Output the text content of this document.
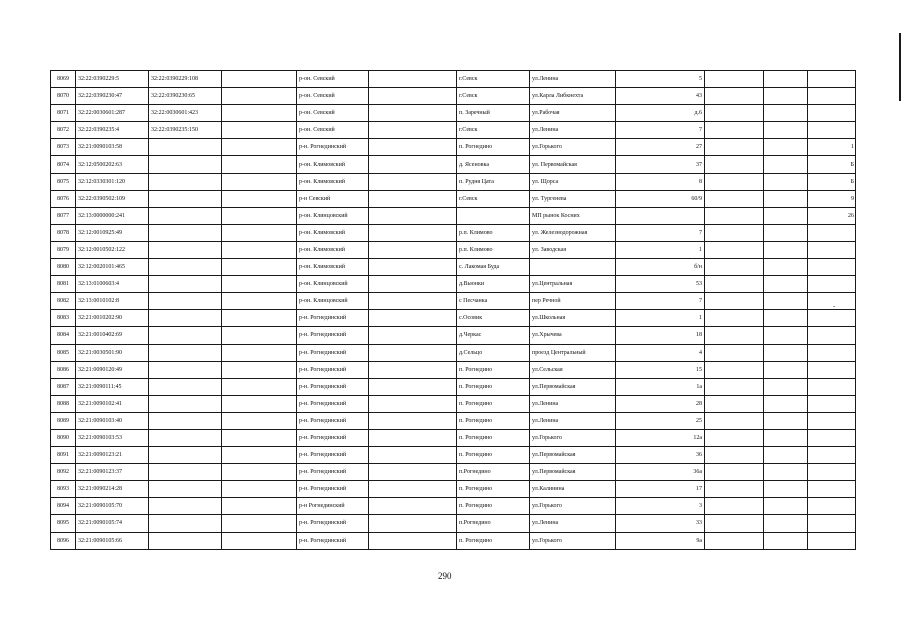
8069	32:22:0390229:5	32:22:0390229:108		р-он. Севский		г.Севск	ул.Ленина	5			
8070	32:22:0390230:47	32:22:0390230:65		р-он. Севский		г.Севск	ул.Карла Либкнехта	43			
8071	32:22:0030601:287	32:22:0030601:423		р-он. Севский		п. Заречный	ул.Рабочая	д.6			
8072	32:22:0390235:4	32:22:0390235:150		р-он. Севский		г.Севск	ул.Ленина	7			
8073	32:21:0090103:58			р-н. Рогнединский		п. Рогнедино	ул.Горького	27			1
8074	32:12:0500202:63			р-он. Климовский		д. Ясеновка	ул. Первомайская	37			Б
8075	32:12:0330301:120			р-он. Климовский		п. Рудня Цата	ул. Щорса	8			Б
8076	32:22:0390502:109			р-н Севский		г.Севск	ул. Тургенева	60/9			9
8077	32:13:0000000:241			р-он. Клинцовский			МП рынок Косних				26
8078	32:12:0010925:49			р-он. Климовский		р.п. Климово	ул. Железнодорожная	7			
8079	32:12:0010502:122			р-он. Климовский		р.п. Климово	ул. Заводская	1			
8080	32:12:0020101:465			р-он. Климовский		с. Лакомая Буда		б/н			
8081	32:13:0100603:4			р-он. Клинцовский		д.Вьюнки	ул.Центральная	53			
8082	32:13:0010102:8			р-он. Клинцовский		с Песчанка	пер Речной	7			
8083	32:21:0010202:90			р-н. Рогнединский		с.Осовик	ул.Школьная	1			
8084	32:21:0010402:69			р-н. Рогнединский		д.Черкас	ул.Хрычева	18			
8085	32:21:0030501:90			р-н. Рогнединский		д.Сельцо	проезд Центральный	4			
8086	32:21:0090120:49			р-н. Рогнединский		п. Рогнедино	ул.Сельская	15			
8087	32:21:0090111:45			р-н. Рогнединский		п. Рогнедино	ул.Первомайская	1а			
8088	32:21:0090102:41			р-н. Рогнединский		п. Рогнедино	ул.Ленина	28			
8089	32:21:0090103:40			р-н. Рогнединский		п. Рогнедино	ул.Ленина	25			
8090	32:21:0090103:53			р-н. Рогнединский		п. Рогнедино	ул.Горького	12а			
8091	32:21:0090123:21			р-н. Рогнединский		п. Рогнедино	ул.Первомайская	36			
8092	32:21:0090123:37			р-н. Рогнединский		п.Рогнедино	ул.Первомайская	36а			
8093	32:21:0090214:28			р-н. Рогнединский		п. Рогнедино	ул.Калинина	17			
8094	32:21:0090105:70			р-н Рогнединский		п. Рогнедино	ул.Горького	3			
8095	32:21:0090105:74			р-н. Рогнединский		п.Рогнедино	ул.Ленина	33			
8096	32:21:0090105:66			р-н. Рогнединский		п. Рогнедино	ул.Горького	9а			
-
290
